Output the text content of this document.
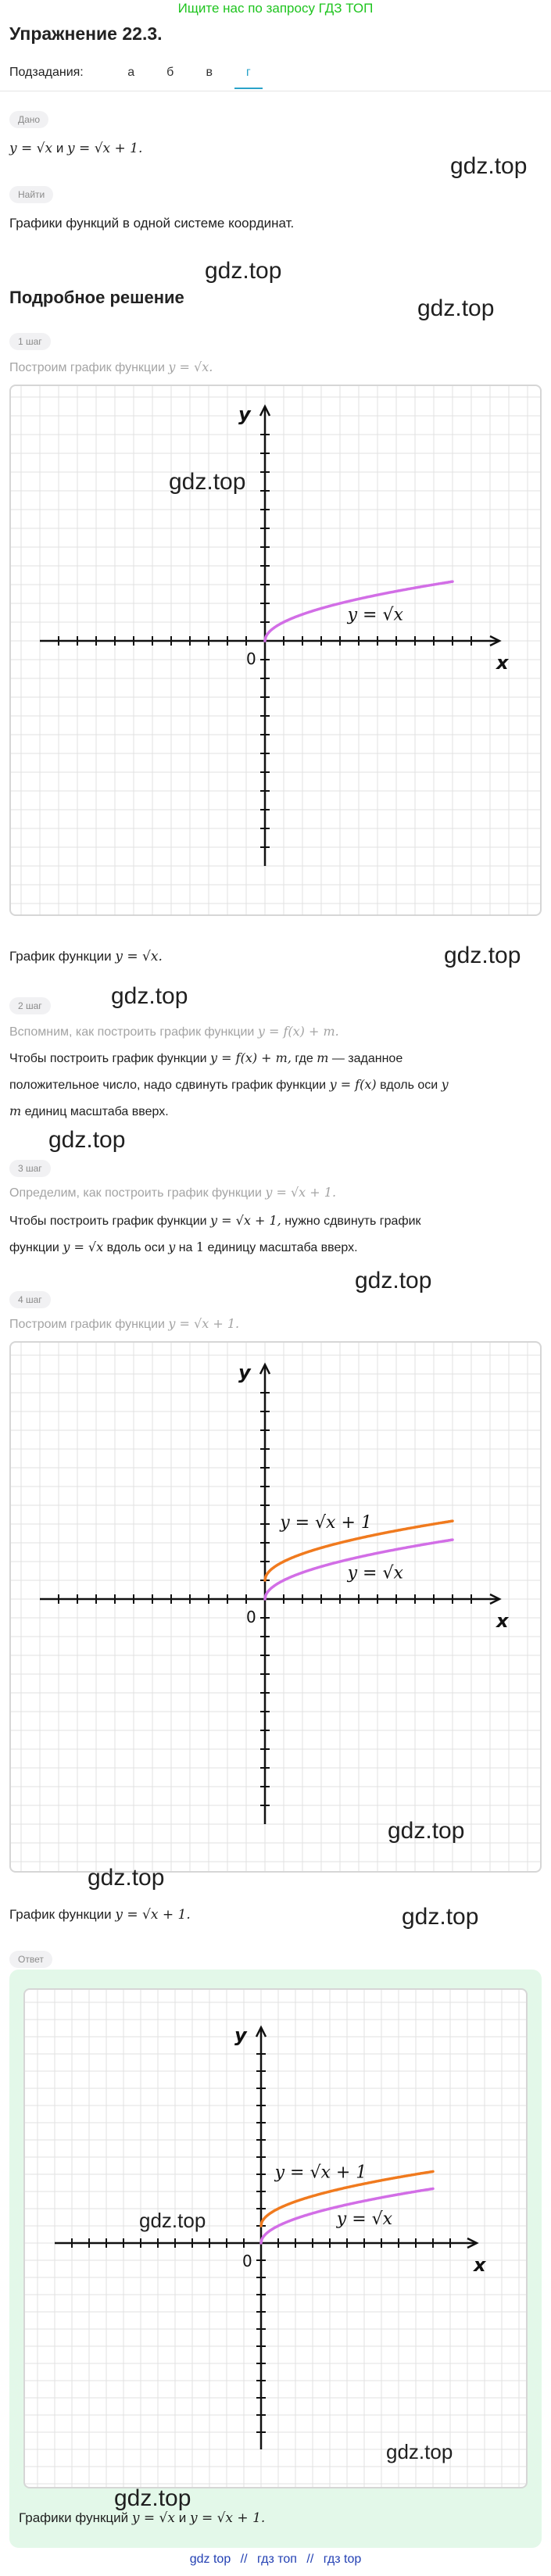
Ищите нас по запросу ГДЗ ТОП
Упражнение 22.3.
Подзадания:	а	б	в	г
Дано
y = √x и y = √x + 1.
Найти
Графики функций в одной системе координат.
Подробное решение
1 шаг
Построим график функции y = √x.
x
y
0
y = √x
График функции y = √x.
2 шаг
Вспомним, как построить график функции y = f(x) + m.
Чтобы построить график функции y = f(x) + m, где m — заданное
положительное число, надо сдвинуть график функции y = f(x) вдоль оси y
m единиц масштаба вверх.
3 шаг
Определим, как построить график функции y = √x + 1.
Чтобы построить график функции y = √x + 1, нужно сдвинуть график
функции y = √x вдоль оси y на 1 единицу масштаба вверх.
4 шаг
Построим график функции y = √x + 1.
x
y
0
y = √x
y = √x + 1
График функции y = √x + 1.
Ответ
x
y
0
y = √x
y = √x + 1
Графики функций y = √x и y = √x + 1.
gdz.top
gdz.top
gdz.top
gdz.top
gdz.top
gdz.top
gdz.top
gdz.top
gdz.top
gdz.top
gdz.top
gdz.top
gdz.top
gdz.top
gdz top // гдз топ // гдз top
